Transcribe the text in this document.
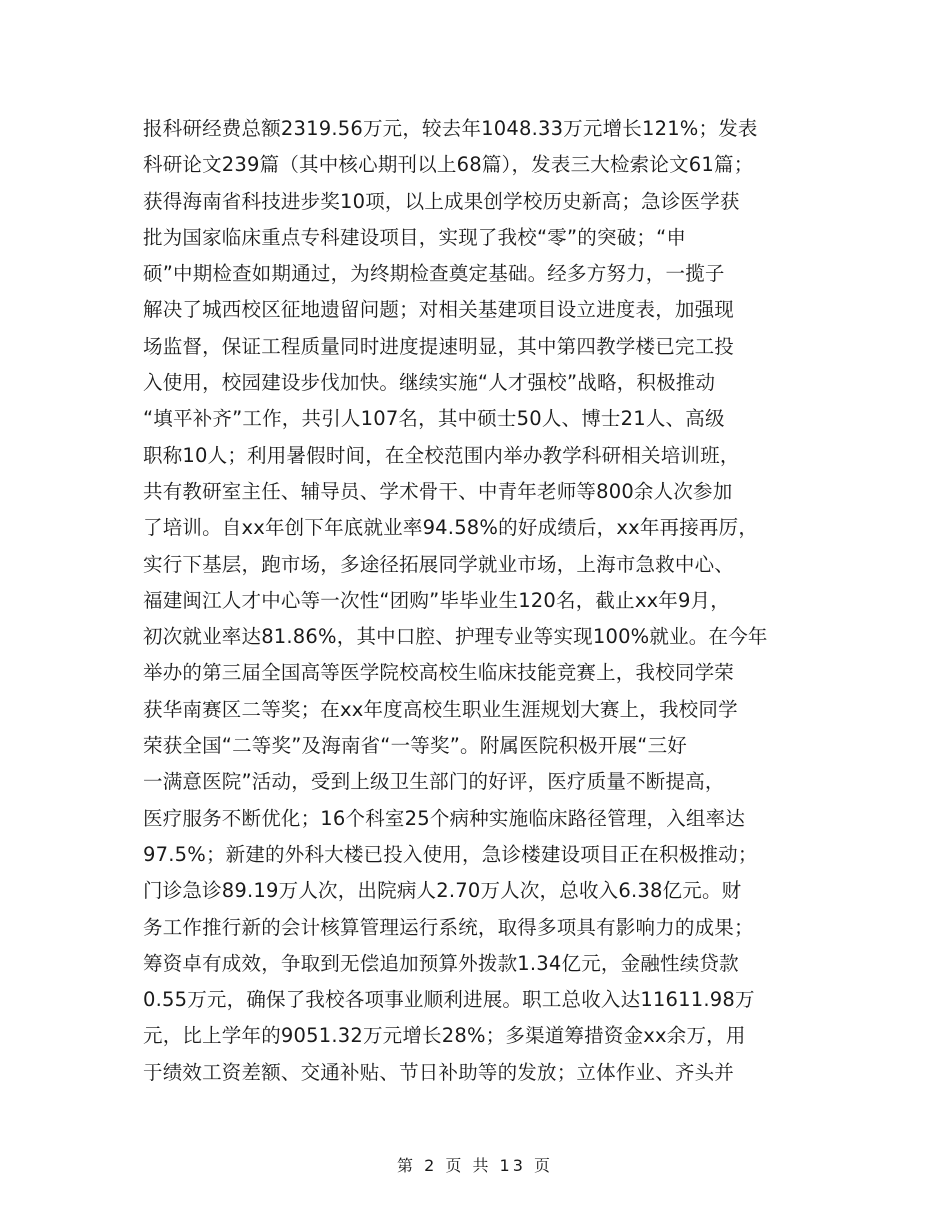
报科研经费总额2319.56万元，较去年1048.33万元增长121%；发表
科研论文239篇（其中核心期刊以上68篇），发表三大检索论文61篇；
获得海南省科技进步奖10项，以上成果创学校历史新高；急诊医学获
批为国家临床重点专科建设项目，实现了我校“零”的突破；“申
硕”中期检查如期通过，为终期检查奠定基础。经多方努力，一揽子
解决了城西校区征地遗留问题；对相关基建项目设立进度表，加强现
场监督，保证工程质量同时进度提速明显，其中第四教学楼已完工投
入使用，校园建设步伐加快。继续实施“人才强校”战略，积极推动
“填平补齐”工作，共引人107名，其中硕士50人、博士21人、高级
职称10人；利用暑假时间，在全校范围内举办教学科研相关培训班，
共有教研室主任、辅导员、学术骨干、中青年老师等800余人次参加
了培训。自xx年创下年底就业率94.58%的好成绩后，xx年再接再厉，
实行下基层，跑市场，多途径拓展同学就业市场，上海市急救中心、
福建闽江人才中心等一次性“团购”毕毕业生120名，截止xx年9月，
初次就业率达81.86%，其中口腔、护理专业等实现100%就业。在今年
举办的第三届全国高等医学院校高校生临床技能竞赛上，我校同学荣
获华南赛区二等奖；在xx年度高校生职业生涯规划大赛上，我校同学
荣获全国“二等奖”及海南省“一等奖”。附属医院积极开展“三好
一满意医院”活动，受到上级卫生部门的好评，医疗质量不断提高，
医疗服务不断优化；16个科室25个病种实施临床路径管理，入组率达
97.5%；新建的外科大楼已投入使用，急诊楼建设项目正在积极推动；
门诊急诊89.19万人次，出院病人2.70万人次，总收入6.38亿元。财
务工作推行新的会计核算管理运行系统，取得多项具有影响力的成果；
筹资卓有成效，争取到无偿追加预算外拨款1.34亿元，金融性续贷款
0.55万元，确保了我校各项事业顺利进展。职工总收入达11611.98万
元，比上学年的9051.32万元增长28%；多渠道筹措资金xx余万，用
于绩效工资差额、交通补贴、节日补助等的发放；立体作业、齐头并
第 2 页 共 13 页
